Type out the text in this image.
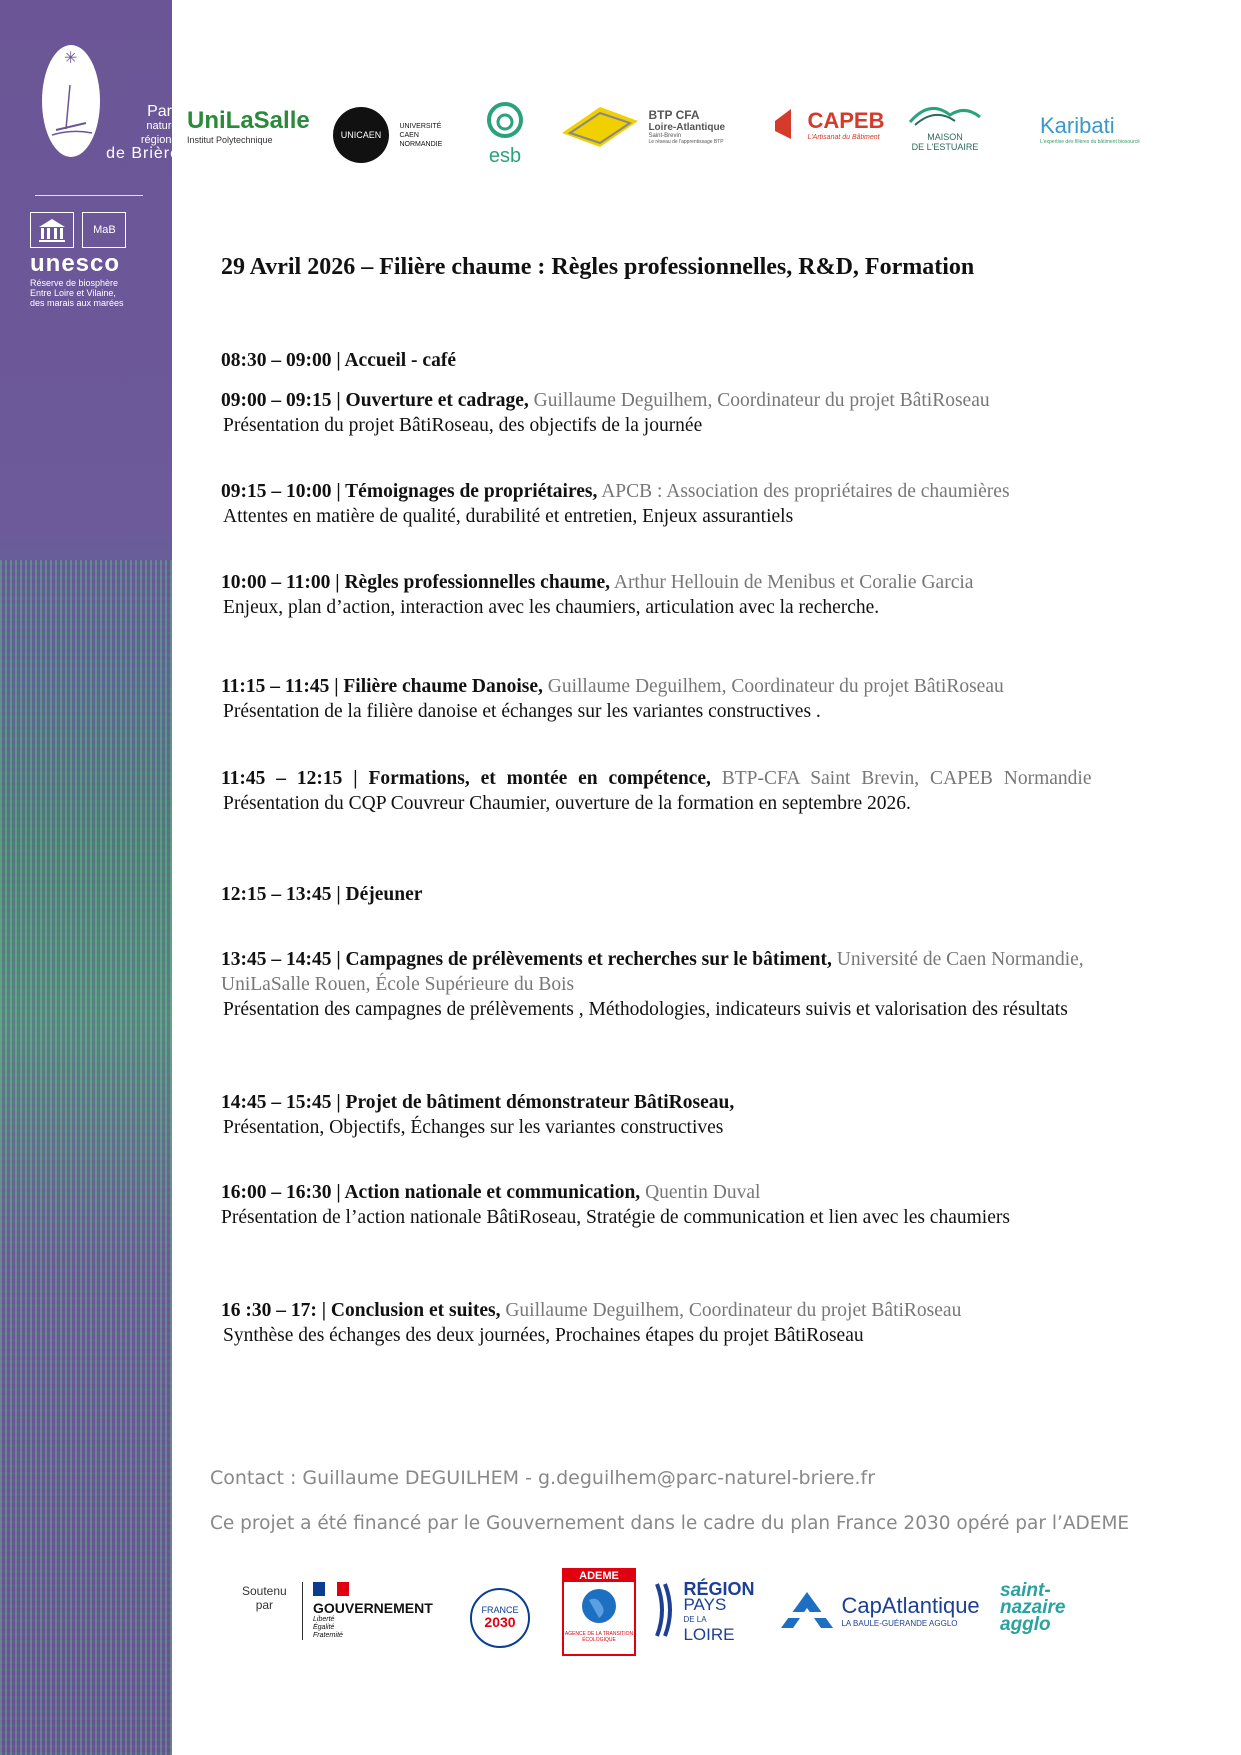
✳
Parc
naturel
régional
de Brière
MaB
unesco
Réserve de biosphère
Entre Loire et Vilaine,
des marais aux marées
UniLaSalle
Institut Polytechnique	UNICAEN
UNIVERSITÉ
CAEN
NORMANDIE
esb

BTP CFA
Loire-Atlantique
Saint-Brevin
Le réseau de l'apprentissage BTP

CAPEB
L'Artisanat du Bâtiment	MAISON
DE L'ESTUAIRE
Karibati
L'expertise des filières du bâtiment biosourcé
29 Avril 2026 – Filière chaume : Règles professionnelles, R&D, Formation
08:30 – 09:00 | Accueil - café
09:00 – 09:15 | Ouverture et cadrage, Guillaume Deguilhem, Coordinateur du projet BâtiRoseau
Présentation du projet BâtiRoseau, des objectifs de la journée
09:15 – 10:00 | Témoignages de propriétaires, APCB : Association des propriétaires de chaumières
Attentes en matière de qualité, durabilité et entretien, Enjeux assurantiels
10:00 – 11:00 | Règles professionnelles chaume, Arthur Hellouin de Menibus et Coralie Garcia
Enjeux, plan d’action, interaction avec les chaumiers, articulation avec la recherche.
11:15 – 11:45 | Filière chaume Danoise, Guillaume Deguilhem, Coordinateur du projet BâtiRoseau
Présentation de la filière danoise et échanges sur les variantes constructives .
11:45 – 12:15 | Formations, et montée en compétence, BTP-CFA Saint Brevin, CAPEB Normandie
Présentation du CQP Couvreur Chaumier, ouverture de la formation en septembre 2026.
12:15 – 13:45 | Déjeuner
13:45 – 14:45 | Campagnes de prélèvements et recherches sur le bâtiment, Université de Caen Normandie, UniLaSalle Rouen, École Supérieure du Bois
Présentation des campagnes de prélèvements , Méthodologies, indicateurs suivis et valorisation des résultats
14:45 – 15:45 | Projet de bâtiment démonstrateur BâtiRoseau,
Présentation, Objectifs, Échanges sur les variantes constructives
16:00 – 16:30 | Action nationale et communication, Quentin Duval
Présentation de l’action nationale BâtiRoseau, Stratégie de communication et lien avec les chaumiers
16 :30 – 17: | Conclusion et suites, Guillaume Deguilhem, Coordinateur du projet BâtiRoseau
Synthèse des échanges des deux journées, Prochaines étapes du projet BâtiRoseau
Contact : Guillaume DEGUILHEM - g.deguilhem@parc-naturel-briere.fr
Ce projet a été financé par le Gouvernement dans le cadre du plan France 2030 opéré par l’ADEME
Soutenu
par	GOUVERNEMENT
Liberté
Égalité
Fraternité
FRANCE
2030
ADEME
AGENCE DE LA TRANSITION ÉCOLOGIQUE

RÉGION
PAYS
DE LA
LOIRE

CapAtlantique
LA BAULE-GUÉRANDE AGGLO
saint-
nazaire
agglo
